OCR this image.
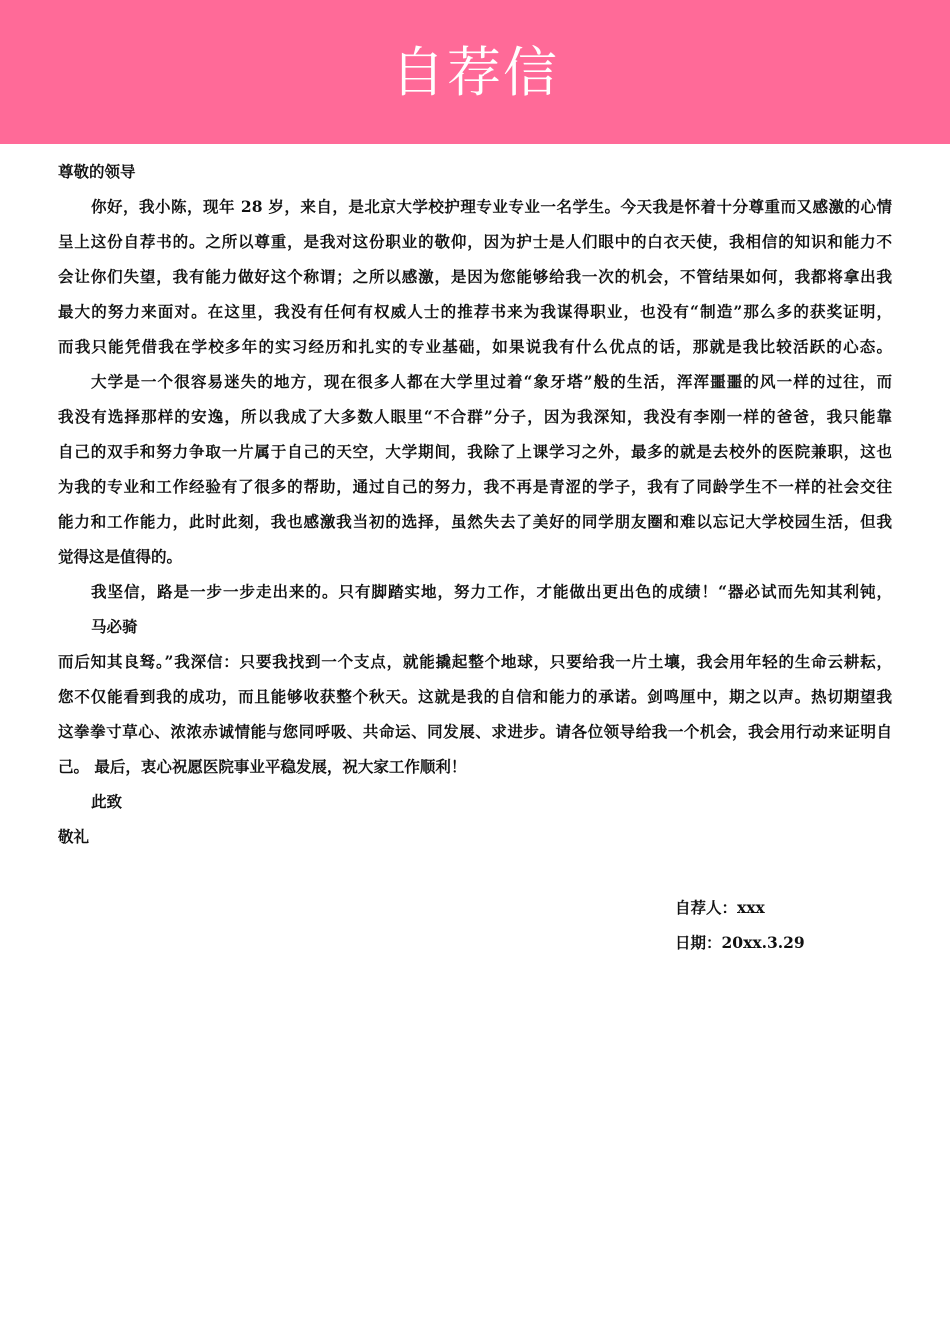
自荐信
尊敬的领导
你好，我小陈，现年 28 岁，来自，是北京大学校护理专业专业一名学生。今天我是怀着十分尊重而又感激的心情
呈上这份自荐书的。之所以尊重，是我对这份职业的敬仰，因为护士是人们眼中的白衣天使，我相信的知识和能力不
会让你们失望，我有能力做好这个称谓；之所以感激，是因为您能够给我一次的机会，不管结果如何，我都将拿出我
最大的努力来面对。在这里，我没有任何有权威人士的推荐书来为我谋得职业，也没有“制造”那么多的获奖证明，
而我只能凭借我在学校多年的实习经历和扎实的专业基础，如果说我有什么优点的话，那就是我比较活跃的心态。
大学是一个很容易迷失的地方，现在很多人都在大学里过着“象牙塔”般的生活，浑浑噩噩的风一样的过往，而
我没有选择那样的安逸，所以我成了大多数人眼里“不合群”分子，因为我深知，我没有李刚一样的爸爸，我只能靠
自己的双手和努力争取一片属于自己的天空，大学期间，我除了上课学习之外，最多的就是去校外的医院兼职，这也
为我的专业和工作经验有了很多的帮助，通过自己的努力，我不再是青涩的学子，我有了同龄学生不一样的社会交往
能力和工作能力，此时此刻，我也感激我当初的选择，虽然失去了美好的同学朋友圈和难以忘记大学校园生活，但我
觉得这是值得的。
我坚信，路是一步一步走出来的。只有脚踏实地，努力工作，才能做出更出色的成绩！“器必试而先知其利钝，
马必骑
而后知其良驽。”我深信：只要我找到一个支点，就能撬起整个地球，只要给我一片土壤，我会用年轻的生命云耕耘，
您不仅能看到我的成功，而且能够收获整个秋天。这就是我的自信和能力的承诺。剑鸣厘中，期之以声。热切期望我
这拳拳寸草心、浓浓赤诚情能与您同呼吸、共命运、同发展、求进步。请各位领导给我一个机会，我会用行动来证明自
己。 最后，衷心祝愿医院事业平稳发展，祝大家工作顺利！
此致
敬礼
自荐人：xxx
日期：20xx.3.29
